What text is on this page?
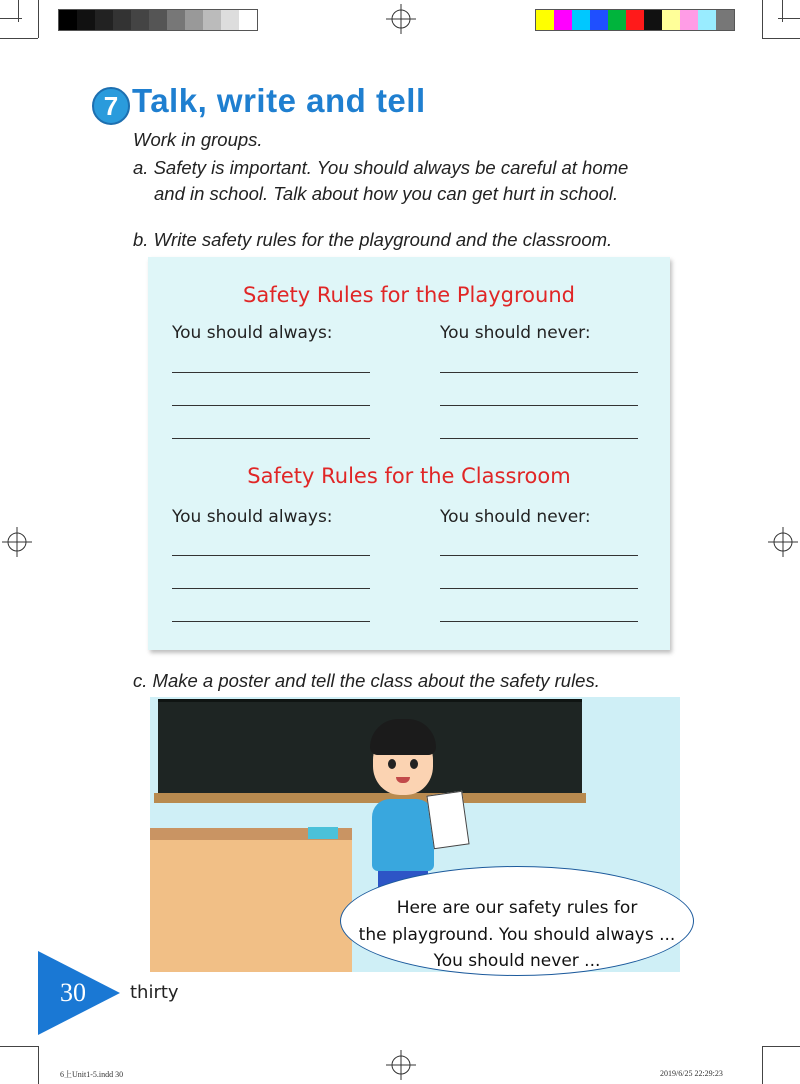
7 Talk, write and tell
Work in groups.
a. Safety is important. You should always be careful at home
and in school. Talk about how you can get hurt in school.
b. Write safety rules for the playground and the classroom.
Safety Rules for the Playground
You should always:	You should never:
Safety Rules for the Classroom
You should always:	You should never:
c. Make a poster and tell the class about the safety rules.
Here are our safety rules for
the playground. You should always ...
You should never ...
30 thirty
6上Unit1-5.indd 30	2019/6/25 22:29:23
